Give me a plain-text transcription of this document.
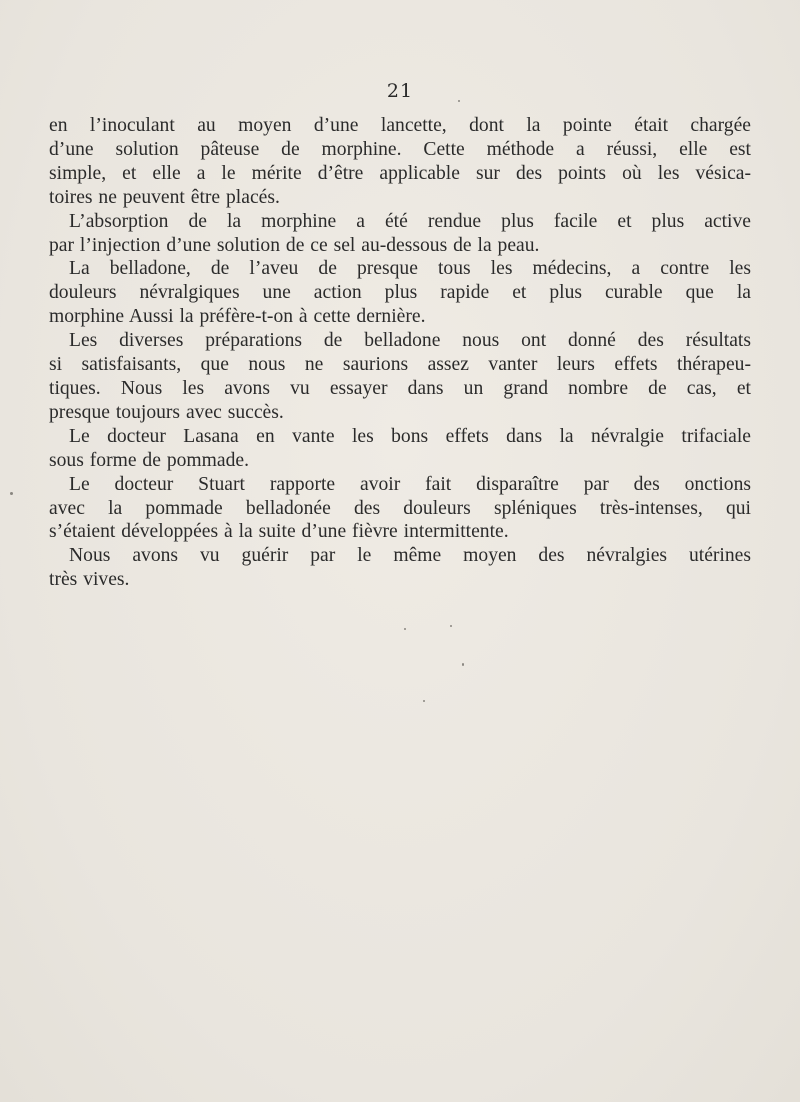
21
en l’inoculant au moyen d’une lancette, dont la pointe était chargée
d’une solution pâteuse de morphine. Cette méthode a réussi, elle est
simple, et elle a le mérite d’être applicable sur des points où les vésica-
toires ne peuvent être placés.
L’absorption de la morphine a été rendue plus facile et plus active
par l’injection d’une solution de ce sel au-dessous de la peau.
La belladone, de l’aveu de presque tous les médecins, a contre les
douleurs névralgiques une action plus rapide et plus curable que la
morphine Aussi la préfère-t-on à cette dernière.
Les diverses préparations de belladone nous ont donné des résultats
si satisfaisants, que nous ne saurions assez vanter leurs effets thérapeu-
tiques. Nous les avons vu essayer dans un grand nombre de cas, et
presque toujours avec succès.
Le docteur Lasana en vante les bons effets dans la névralgie trifaciale
sous forme de pommade.
Le docteur Stuart rapporte avoir fait disparaître par des onctions
avec la pommade belladonée des douleurs spléniques très-intenses, qui
s’étaient développées à la suite d’une fièvre intermittente.
Nous avons vu guérir par le même moyen des névralgies utérines
très vives.
